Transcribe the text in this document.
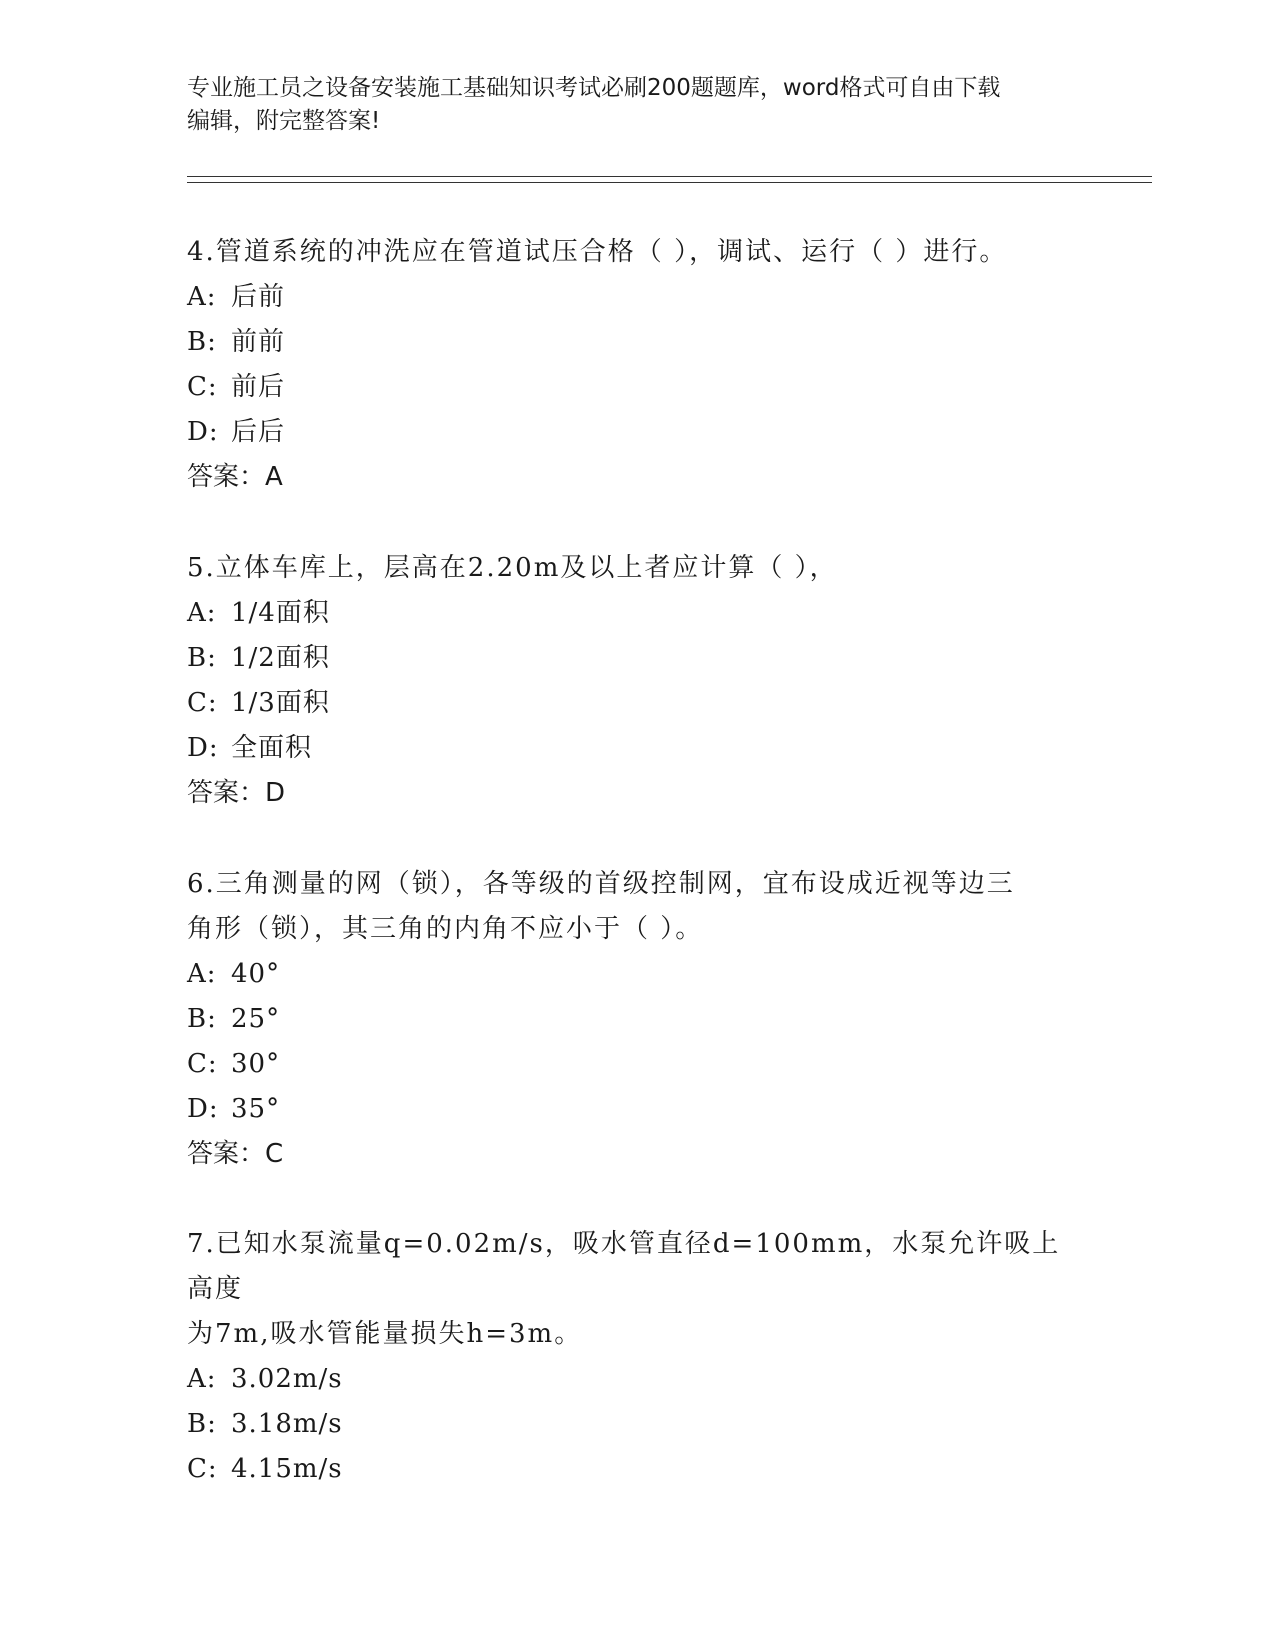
专业施工员之设备安装施工基础知识考试必刷200题题库，word格式可自由下载
编辑，附完整答案!

4.管道系统的冲洗应在管道试压合格（ ），调试、运行（ ）进行。

A: 后前

B: 前前

C: 前后

D: 后后

答案：A

5.立体车库上，层高在2.20m及以上者应计算（ ），

A: 1/4面积

B: 1/2面积

C: 1/3面积

D: 全面积

答案：D

6.三角测量的网（锁），各等级的首级控制网，宜布设成近视等边三

角形（锁），其三角的内角不应小于（ ）。

A: 40°

B: 25°

C: 30°

D: 35°

答案：C

7.已知水泵流量q=0.02m/s，吸水管直径d=100mm，水泵允许吸上高度

为7m,吸水管能量损失h=3m。

A: 3.02m/s

B: 3.18m/s

C: 4.15m/s
